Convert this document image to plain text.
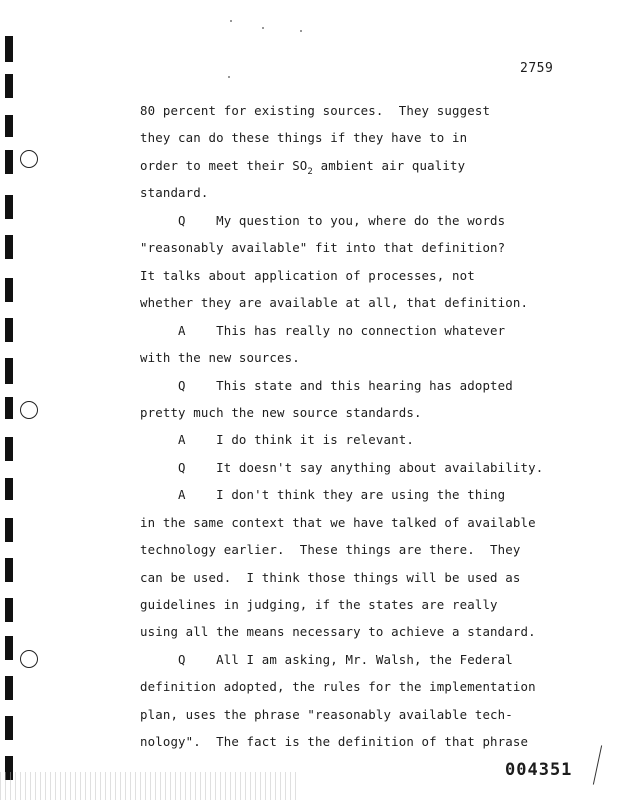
2759
80 percent for existing sources.  They suggest
they can do these things if they have to in
order to meet their $SO_2$ ambient air quality
standard.
Q    My question to you, where do the words
"reasonably available" fit into that definition?
It talks about application of processes, not
whether they are available at all, that definition.
A    This has really no connection whatever
with the new sources.
Q    This state and this hearing has adopted
pretty much the new source standards.
A    I do think it is relevant.
Q    It doesn't say anything about availability.
A    I don't think they are using the thing
in the same context that we have talked of available
technology earlier.  These things are there.  They
can be used.  I think those things will be used as
guidelines in judging, if the states are really
using all the means necessary to achieve a standard.
Q    All I am asking, Mr. Walsh, the Federal
definition adopted, the rules for the implementation
plan, uses the phrase "reasonably available tech-
nology".  The fact is the definition of that phrase
004351
